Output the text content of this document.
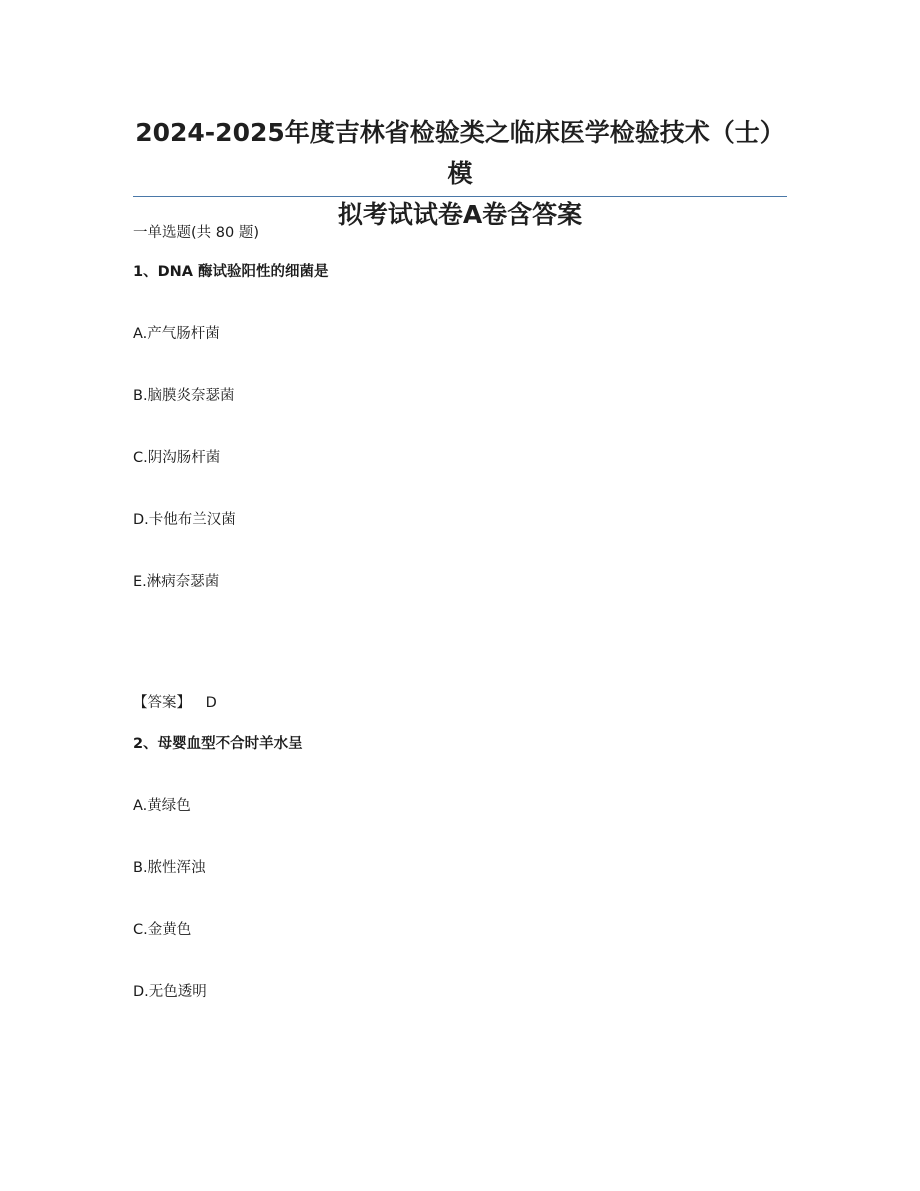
2024-2025年度吉林省检验类之临床医学检验技术（士）模
拟考试试卷A卷含答案
一单选题(共 80 题)
1、DNA 酶试验阳性的细菌是
A.产气肠杆菌
B.脑膜炎奈瑟菌
C.阴沟肠杆菌
D.卡他布兰汉菌
E.淋病奈瑟菌
【答案】 D
2、母婴血型不合时羊水呈
A.黄绿色
B.脓性浑浊
C.金黄色
D.无色透明
